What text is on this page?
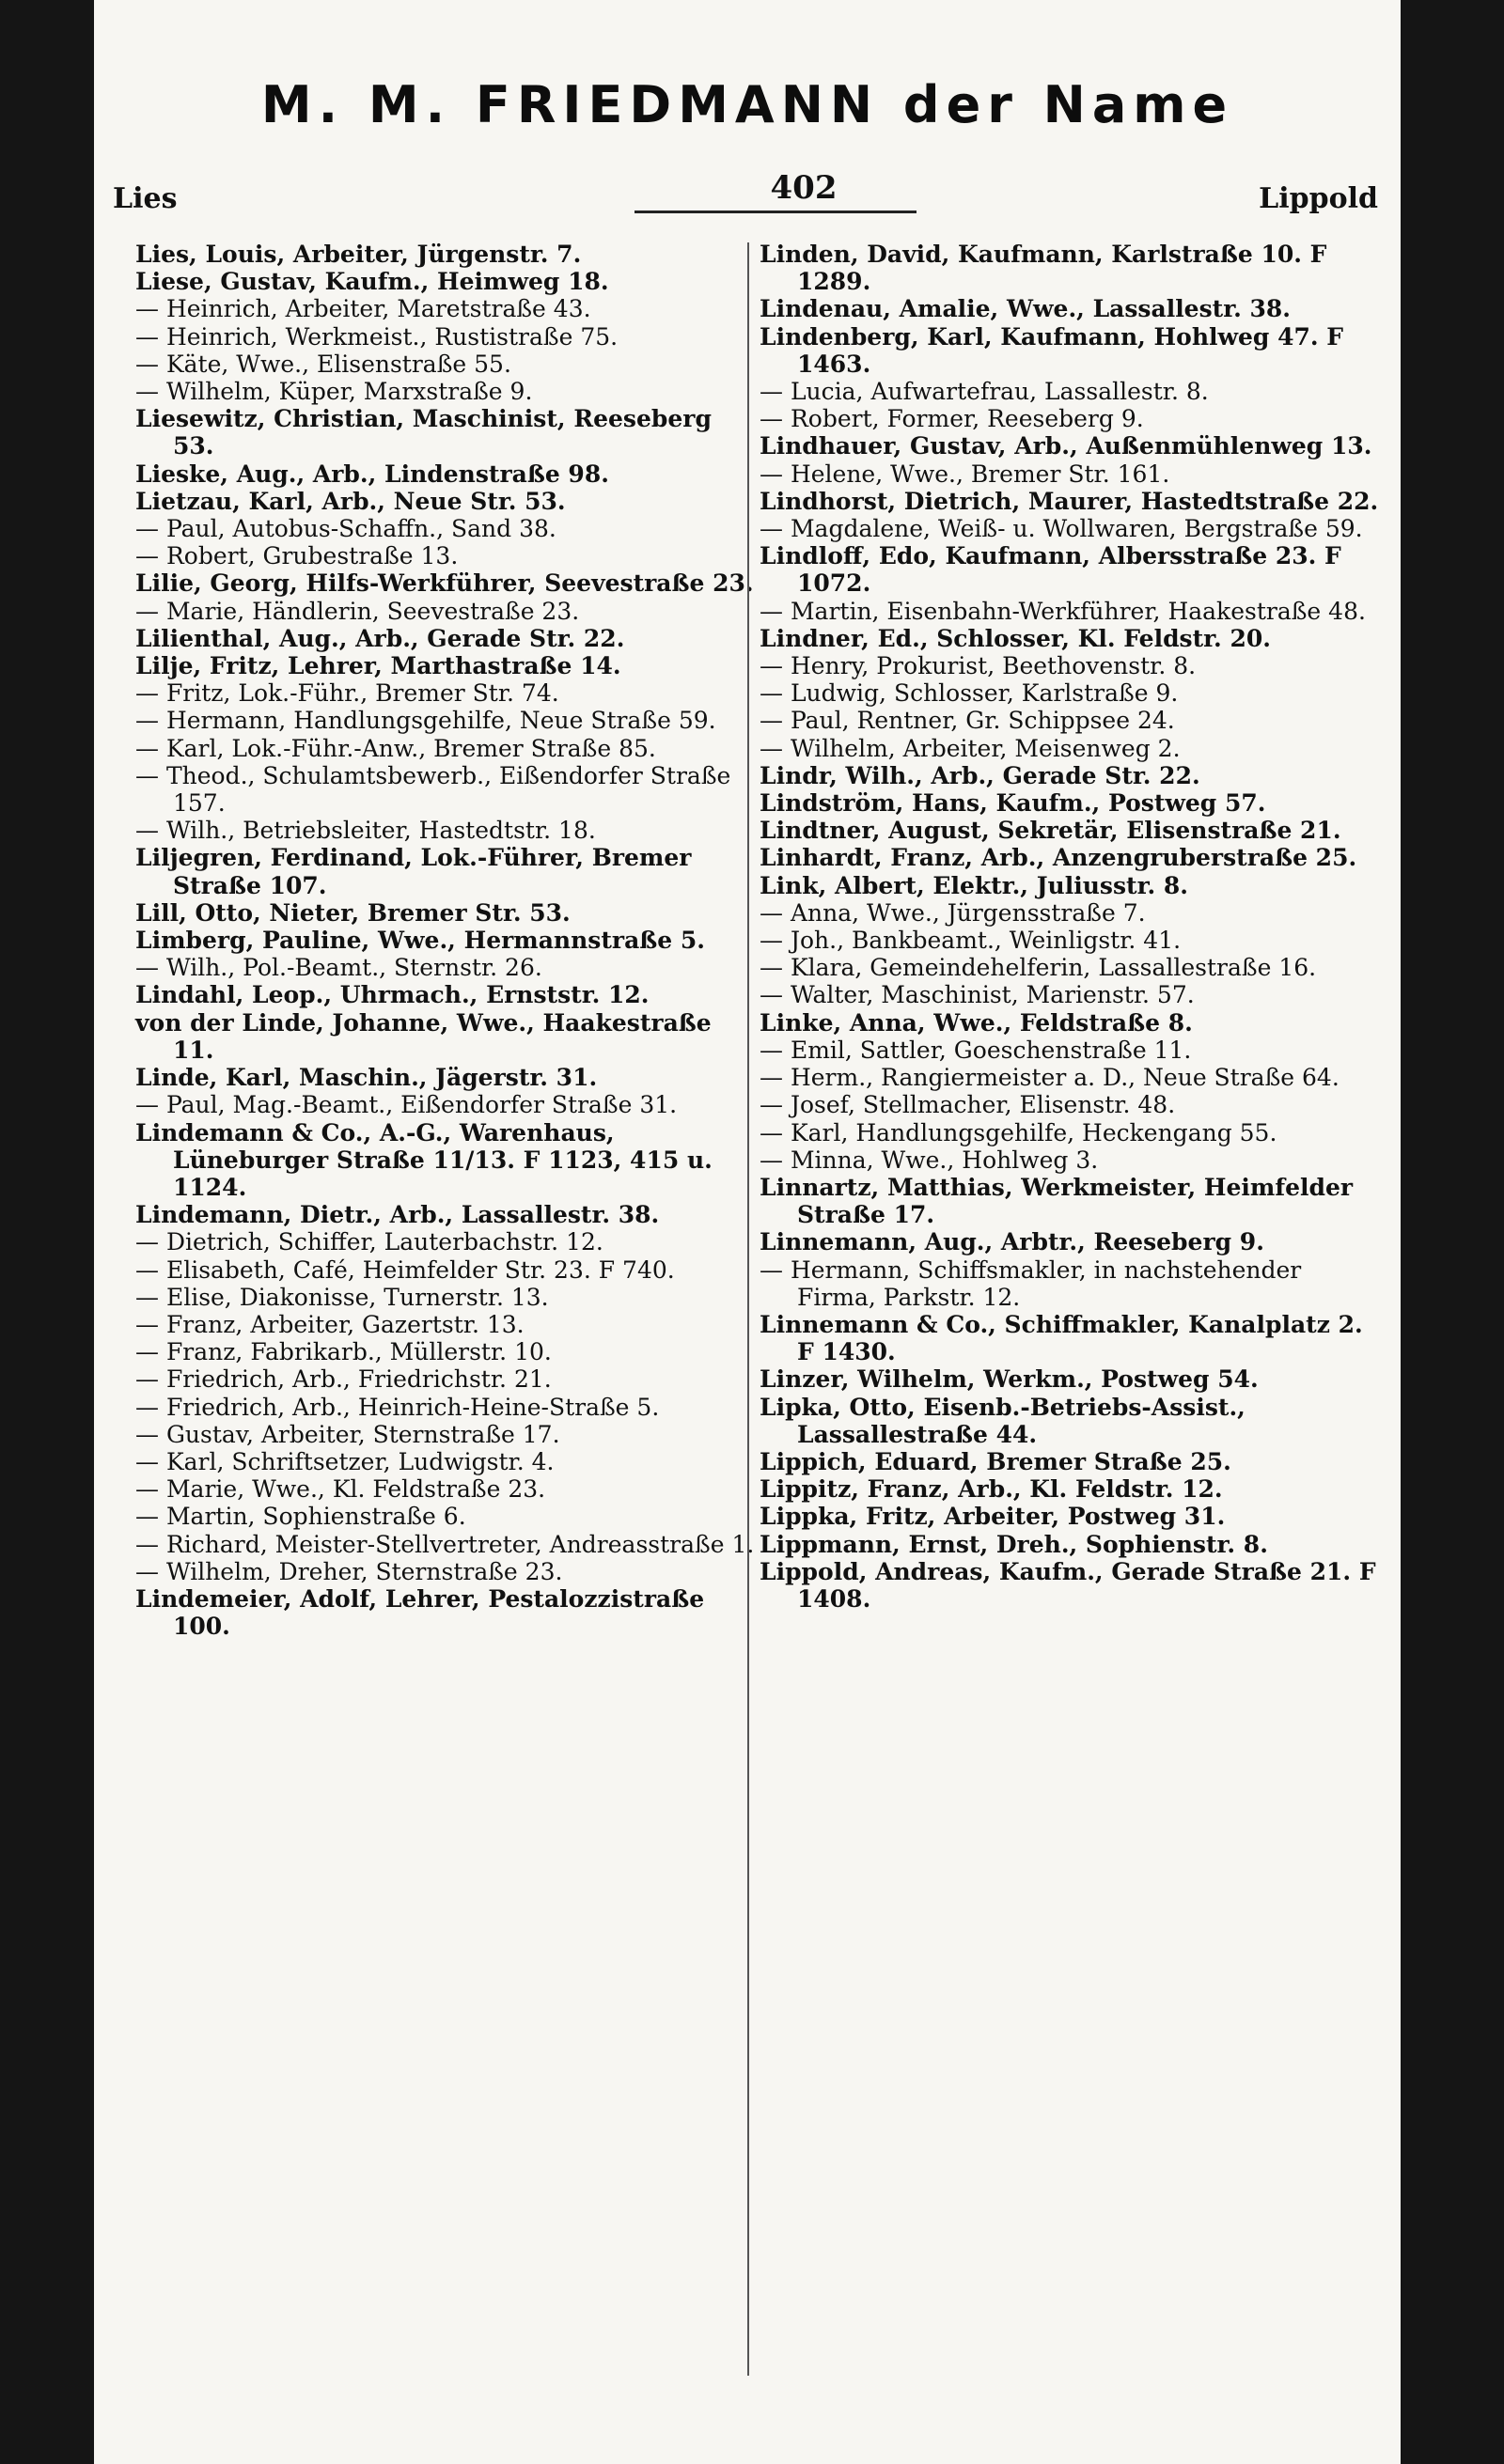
M. M. FRIEDMANN der Name
Lies	402	Lippold

Lies, Louis, Arbeiter, Jürgenstr. 7.

Liese, Gustav, Kaufm., Heimweg 18.

— Heinrich, Arbeiter, Maretstraße 43.

— Heinrich, Werkmeist., Rustistraße 75.

— Käte, Wwe., Elisenstraße 55.

— Wilhelm, Küper, Marxstraße 9.

Liesewitz, Christian, Maschinist, Reeseberg 53.

Lieske, Aug., Arb., Lindenstraße 98.

Lietzau, Karl, Arb., Neue Str. 53.

— Paul, Autobus-Schaffn., Sand 38.

— Robert, Grubestraße 13.

Lilie, Georg, Hilfs-Werkführer, Seevestraße 23.

— Marie, Händlerin, Seevestraße 23.

Lilienthal, Aug., Arb., Gerade Str. 22.

Lilje, Fritz, Lehrer, Marthastraße 14.

— Fritz, Lok.-Führ., Bremer Str. 74.

— Hermann, Handlungsgehilfe, Neue Straße 59.

— Karl, Lok.-Führ.-Anw., Bremer Straße 85.

— Theod., Schulamtsbewerb., Eißendorfer Straße 157.

— Wilh., Betriebsleiter, Hastedtstr. 18.

Liljegren, Ferdinand, Lok.-Führer, Bremer Straße 107.

Lill, Otto, Nieter, Bremer Str. 53.

Limberg, Pauline, Wwe., Hermannstraße 5.

— Wilh., Pol.-Beamt., Sternstr. 26.

Lindahl, Leop., Uhrmach., Ernststr. 12.

von der Linde, Johanne, Wwe., Haakestraße 11.

Linde, Karl, Maschin., Jägerstr. 31.

— Paul, Mag.-Beamt., Eißendorfer Straße 31.

Lindemann & Co., A.-G., Warenhaus, Lüneburger Straße 11/13. F 1123, 415 u. 1124.

Lindemann, Dietr., Arb., Lassallestr. 38.

— Dietrich, Schiffer, Lauterbachstr. 12.

— Elisabeth, Café, Heimfelder Str. 23. F 740.

— Elise, Diakonisse, Turnerstr. 13.

— Franz, Arbeiter, Gazertstr. 13.

— Franz, Fabrikarb., Müllerstr. 10.

— Friedrich, Arb., Friedrichstr. 21.

— Friedrich, Arb., Heinrich-Heine-Straße 5.

— Gustav, Arbeiter, Sternstraße 17.

— Karl, Schriftsetzer, Ludwigstr. 4.

— Marie, Wwe., Kl. Feldstraße 23.

— Martin, Sophienstraße 6.

— Richard, Meister-Stellvertreter, Andreasstraße 1.

— Wilhelm, Dreher, Sternstraße 23.

Lindemeier, Adolf, Lehrer, Pestalozzistraße 100.

Linden, David, Kaufmann, Karlstraße 10. F 1289.

Lindenau, Amalie, Wwe., Lassallestr. 38.

Lindenberg, Karl, Kaufmann, Hohlweg 47. F 1463.

— Lucia, Aufwartefrau, Lassallestr. 8.

— Robert, Former, Reeseberg 9.

Lindhauer, Gustav, Arb., Außenmühlenweg 13.

— Helene, Wwe., Bremer Str. 161.

Lindhorst, Dietrich, Maurer, Hastedtstraße 22.

— Magdalene, Weiß- u. Wollwaren, Bergstraße 59.

Lindloff, Edo, Kaufmann, Albersstraße 23. F 1072.

— Martin, Eisenbahn-Werkführer, Haakestraße 48.

Lindner, Ed., Schlosser, Kl. Feldstr. 20.

— Henry, Prokurist, Beethovenstr. 8.

— Ludwig, Schlosser, Karlstraße 9.

— Paul, Rentner, Gr. Schippsee 24.

— Wilhelm, Arbeiter, Meisenweg 2.

Lindr, Wilh., Arb., Gerade Str. 22.

Lindström, Hans, Kaufm., Postweg 57.

Lindtner, August, Sekretär, Elisenstraße 21.

Linhardt, Franz, Arb., Anzengruberstraße 25.

Link, Albert, Elektr., Juliusstr. 8.

— Anna, Wwe., Jürgensstraße 7.

— Joh., Bankbeamt., Weinligstr. 41.

— Klara, Gemeindehelferin, Lassallestraße 16.

— Walter, Maschinist, Marienstr. 57.

Linke, Anna, Wwe., Feldstraße 8.

— Emil, Sattler, Goeschenstraße 11.

— Herm., Rangiermeister a. D., Neue Straße 64.

— Josef, Stellmacher, Elisenstr. 48.

— Karl, Handlungsgehilfe, Heckengang 55.

— Minna, Wwe., Hohlweg 3.

Linnartz, Matthias, Werkmeister, Heimfelder Straße 17.

Linnemann, Aug., Arbtr., Reeseberg 9.

— Hermann, Schiffsmakler, in nachstehender Firma, Parkstr. 12.

Linnemann & Co., Schiffmakler, Kanalplatz 2. F 1430.

Linzer, Wilhelm, Werkm., Postweg 54.

Lipka, Otto, Eisenb.-Betriebs-Assist., Lassallestraße 44.

Lippich, Eduard, Bremer Straße 25.

Lippitz, Franz, Arb., Kl. Feldstr. 12.

Lippka, Fritz, Arbeiter, Postweg 31.

Lippmann, Ernst, Dreh., Sophienstr. 8.

Lippold, Andreas, Kaufm., Gerade Straße 21. F 1408.
